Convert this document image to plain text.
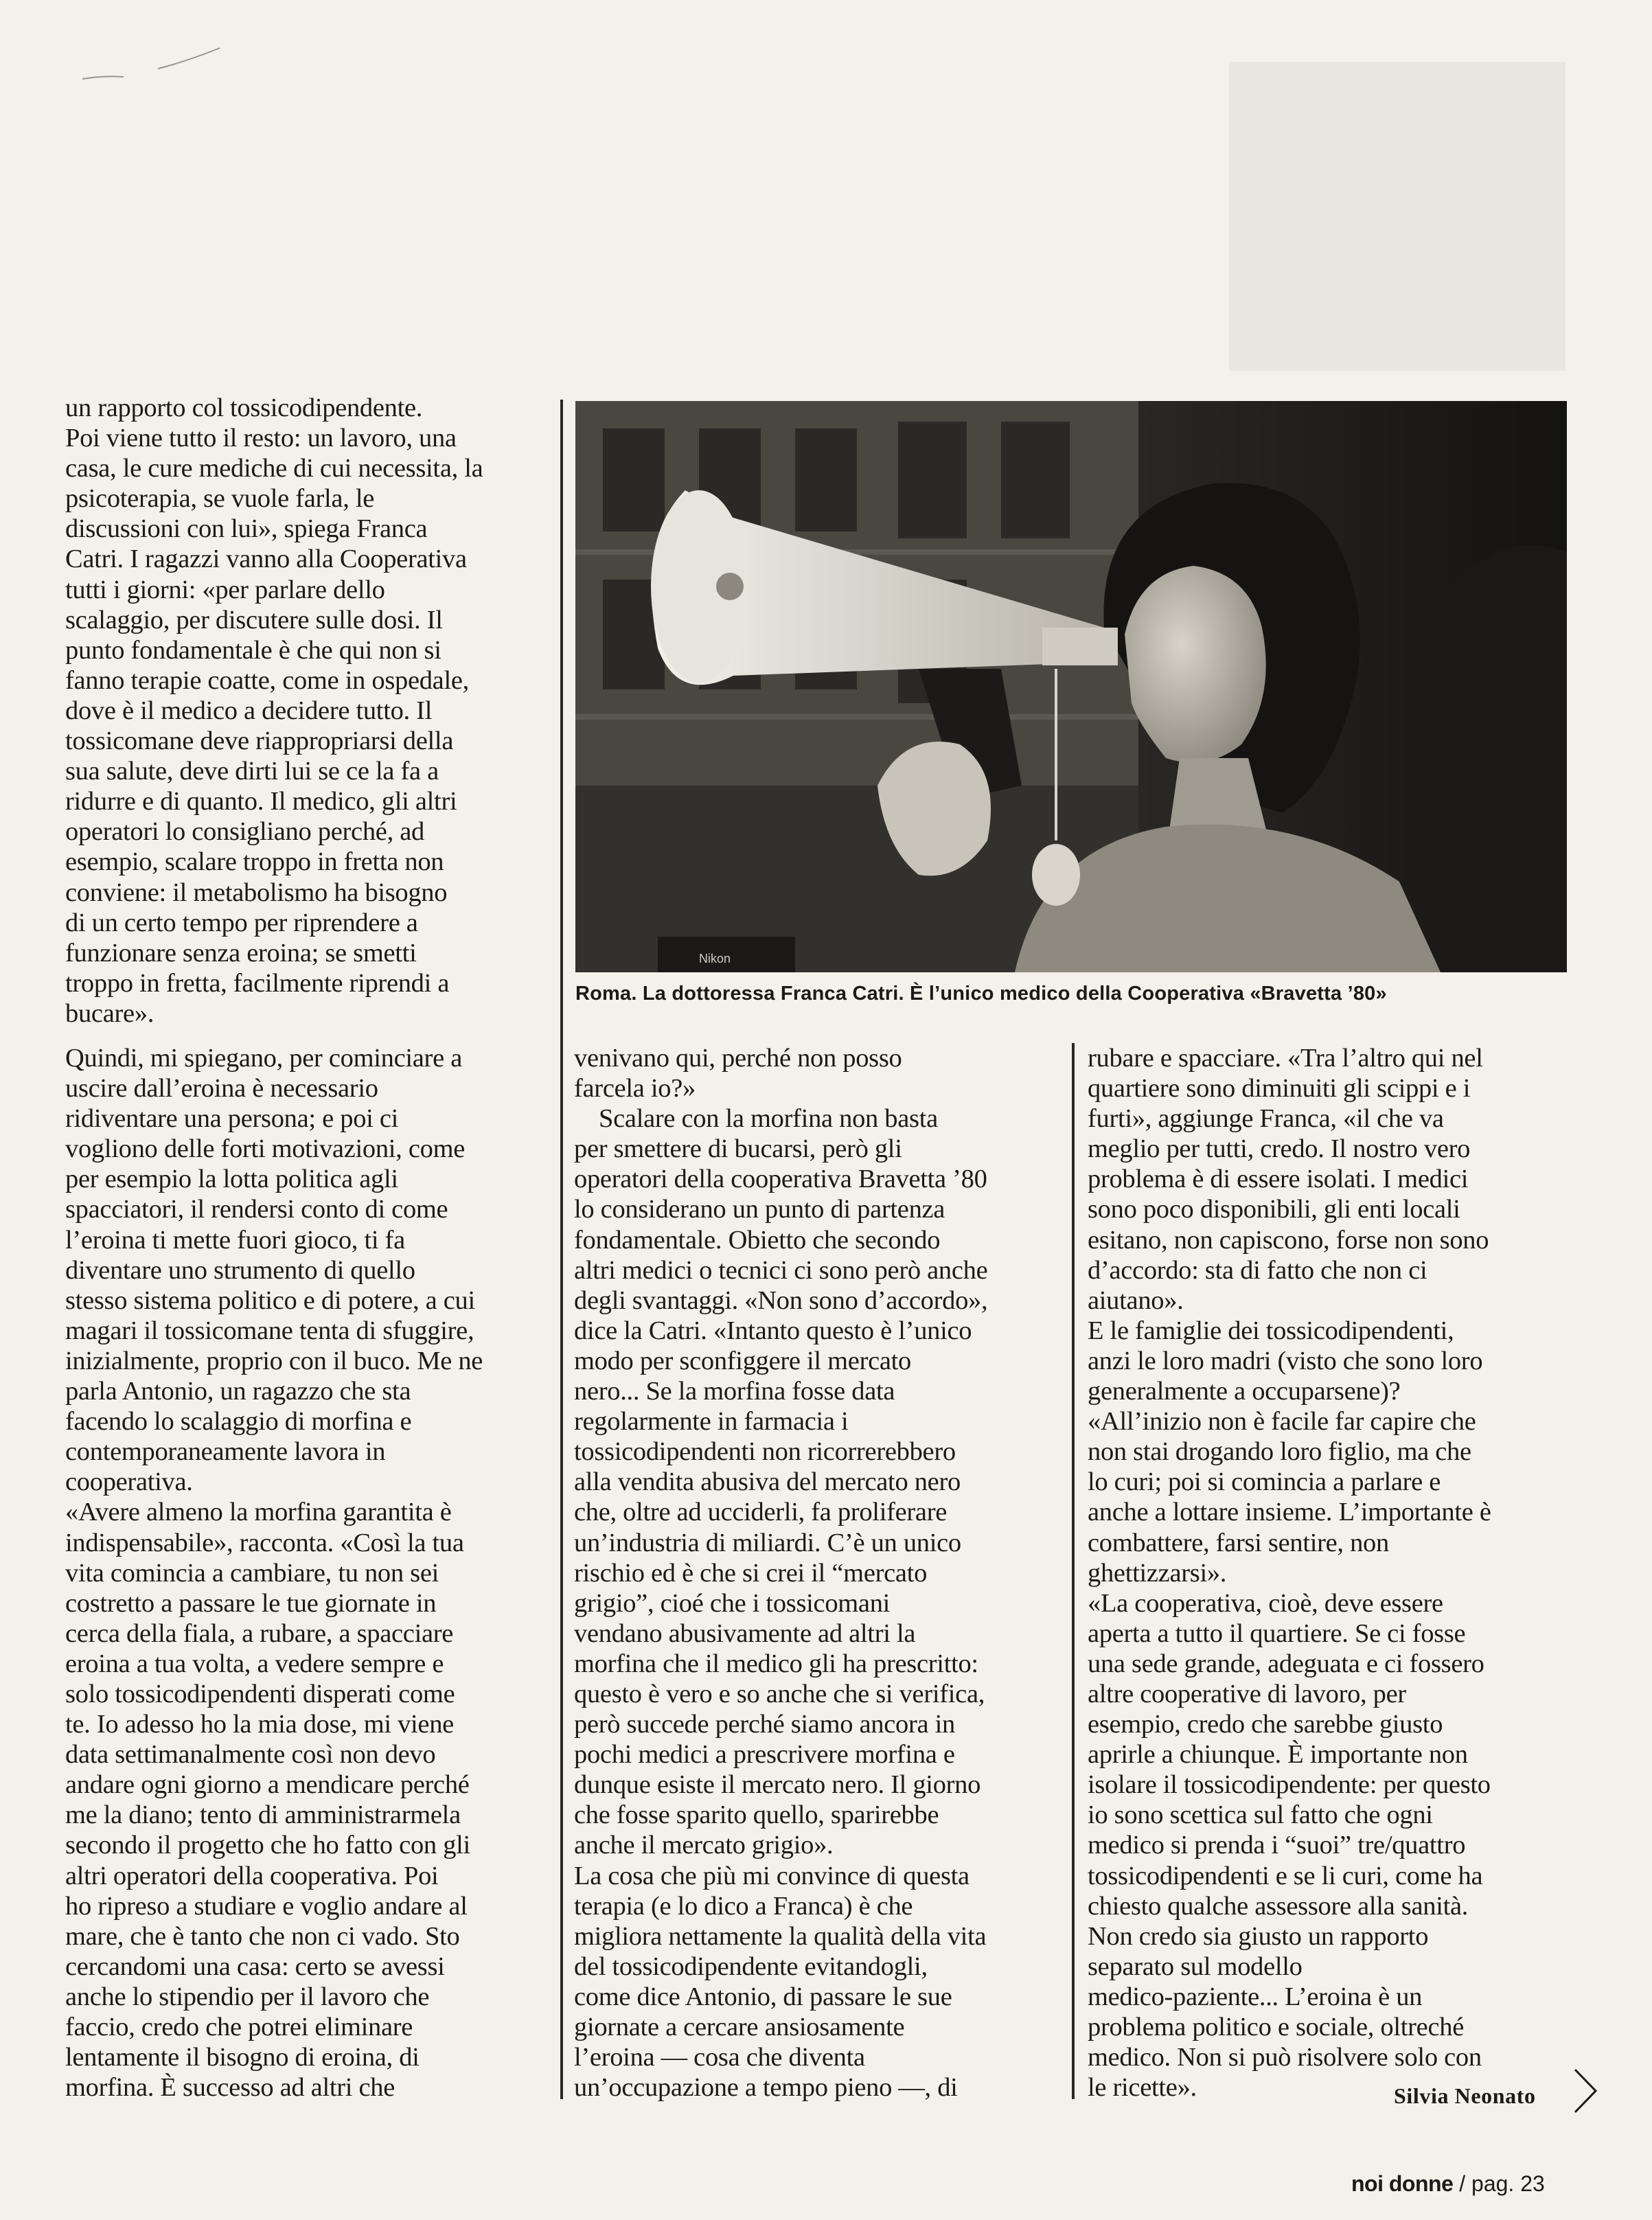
un rapporto col tossicodipendente.
Poi viene tutto il resto: un lavoro, una
casa, le cure mediche di cui necessita, la
psicoterapia, se vuole farla, le
discussioni con lui», spiega Franca
Catri. I ragazzi vanno alla Cooperativa
tutti i giorni: «per parlare dello
scalaggio, per discutere sulle dosi. Il
punto fondamentale è che qui non si
fanno terapie coatte, come in ospedale,
dove è il medico a decidere tutto. Il
tossicomane deve riappropriarsi della
sua salute, deve dirti lui se ce la fa a
ridurre e di quanto. Il medico, gli altri
operatori lo consigliano perché, ad
esempio, scalare troppo in fretta non
conviene: il metabolismo ha bisogno
di un certo tempo per riprendere a
funzionare senza eroina; se smetti
troppo in fretta, facilmente riprendi a
bucare».
Nikon
Roma. La dottoressa Franca Catri. È l’unico medico della Cooperativa «Bravetta ’80»
Quindi, mi spiegano, per cominciare a
uscire dall’eroina è necessario
ridiventare una persona; e poi ci
vogliono delle forti motivazioni, come
per esempio la lotta politica agli
spacciatori, il rendersi conto di come
l’eroina ti mette fuori gioco, ti fa
diventare uno strumento di quello
stesso sistema politico e di potere, a cui
magari il tossicomane tenta di sfuggire,
inizialmente, proprio con il buco. Me ne
parla Antonio, un ragazzo che sta
facendo lo scalaggio di morfina e
contemporaneamente lavora in
cooperativa.
«Avere almeno la morfina garantita è
indispensabile», racconta. «Così la tua
vita comincia a cambiare, tu non sei
costretto a passare le tue giornate in
cerca della fiala, a rubare, a spacciare
eroina a tua volta, a vedere sempre e
solo tossicodipendenti disperati come
te. Io adesso ho la mia dose, mi viene
data settimanalmente così non devo
andare ogni giorno a mendicare perché
me la diano; tento di amministrarmela
secondo il progetto che ho fatto con gli
altri operatori della cooperativa. Poi
ho ripreso a studiare e voglio andare al
mare, che è tanto che non ci vado. Sto
cercandomi una casa: certo se avessi
anche lo stipendio per il lavoro che
faccio, credo che potrei eliminare
lentamente il bisogno di eroina, di
morfina. È successo ad altri che
venivano qui, perché non posso
farcela io?»
Scalare con la morfina non basta
per smettere di bucarsi, però gli
operatori della cooperativa Bravetta ’80
lo considerano un punto di partenza
fondamentale. Obietto che secondo
altri medici o tecnici ci sono però anche
degli svantaggi. «Non sono d’accordo»,
dice la Catri. «Intanto questo è l’unico
modo per sconfiggere il mercato
nero... Se la morfina fosse data
regolarmente in farmacia i
tossicodipendenti non ricorrerebbero
alla vendita abusiva del mercato nero
che, oltre ad ucciderli, fa proliferare
un’industria di miliardi. C’è un unico
rischio ed è che si crei il “mercato
grigio”, cioé che i tossicomani
vendano abusivamente ad altri la
morfina che il medico gli ha prescritto:
questo è vero e so anche che si verifica,
però succede perché siamo ancora in
pochi medici a prescrivere morfina e
dunque esiste il mercato nero. Il giorno
che fosse sparito quello, sparirebbe
anche il mercato grigio».
La cosa che più mi convince di questa
terapia (e lo dico a Franca) è che
migliora nettamente la qualità della vita
del tossicodipendente evitandogli,
come dice Antonio, di passare le sue
giornate a cercare ansiosamente
l’eroina — cosa che diventa
un’occupazione a tempo pieno —, di
rubare e spacciare. «Tra l’altro qui nel
quartiere sono diminuiti gli scippi e i
furti», aggiunge Franca, «il che va
meglio per tutti, credo. Il nostro vero
problema è di essere isolati. I medici
sono poco disponibili, gli enti locali
esitano, non capiscono, forse non sono
d’accordo: sta di fatto che non ci
aiutano».
E le famiglie dei tossicodipendenti,
anzi le loro madri (visto che sono loro
generalmente a occuparsene)?
«All’inizio non è facile far capire che
non stai drogando loro figlio, ma che
lo curi; poi si comincia a parlare e
anche a lottare insieme. L’importante è
combattere, farsi sentire, non
ghettizzarsi».
«La cooperativa, cioè, deve essere
aperta a tutto il quartiere. Se ci fosse
una sede grande, adeguata e ci fossero
altre cooperative di lavoro, per
esempio, credo che sarebbe giusto
aprirle a chiunque. È importante non
isolare il tossicodipendente: per questo
io sono scettica sul fatto che ogni
medico si prenda i “suoi” tre/quattro
tossicodipendenti e se li curi, come ha
chiesto qualche assessore alla sanità.
Non credo sia giusto un rapporto
separato sul modello
medico-paziente... L’eroina è un
problema politico e sociale, oltreché
medico. Non si può risolvere solo con
le ricette».	Silvia Neonato
noi donne / pag. 23
